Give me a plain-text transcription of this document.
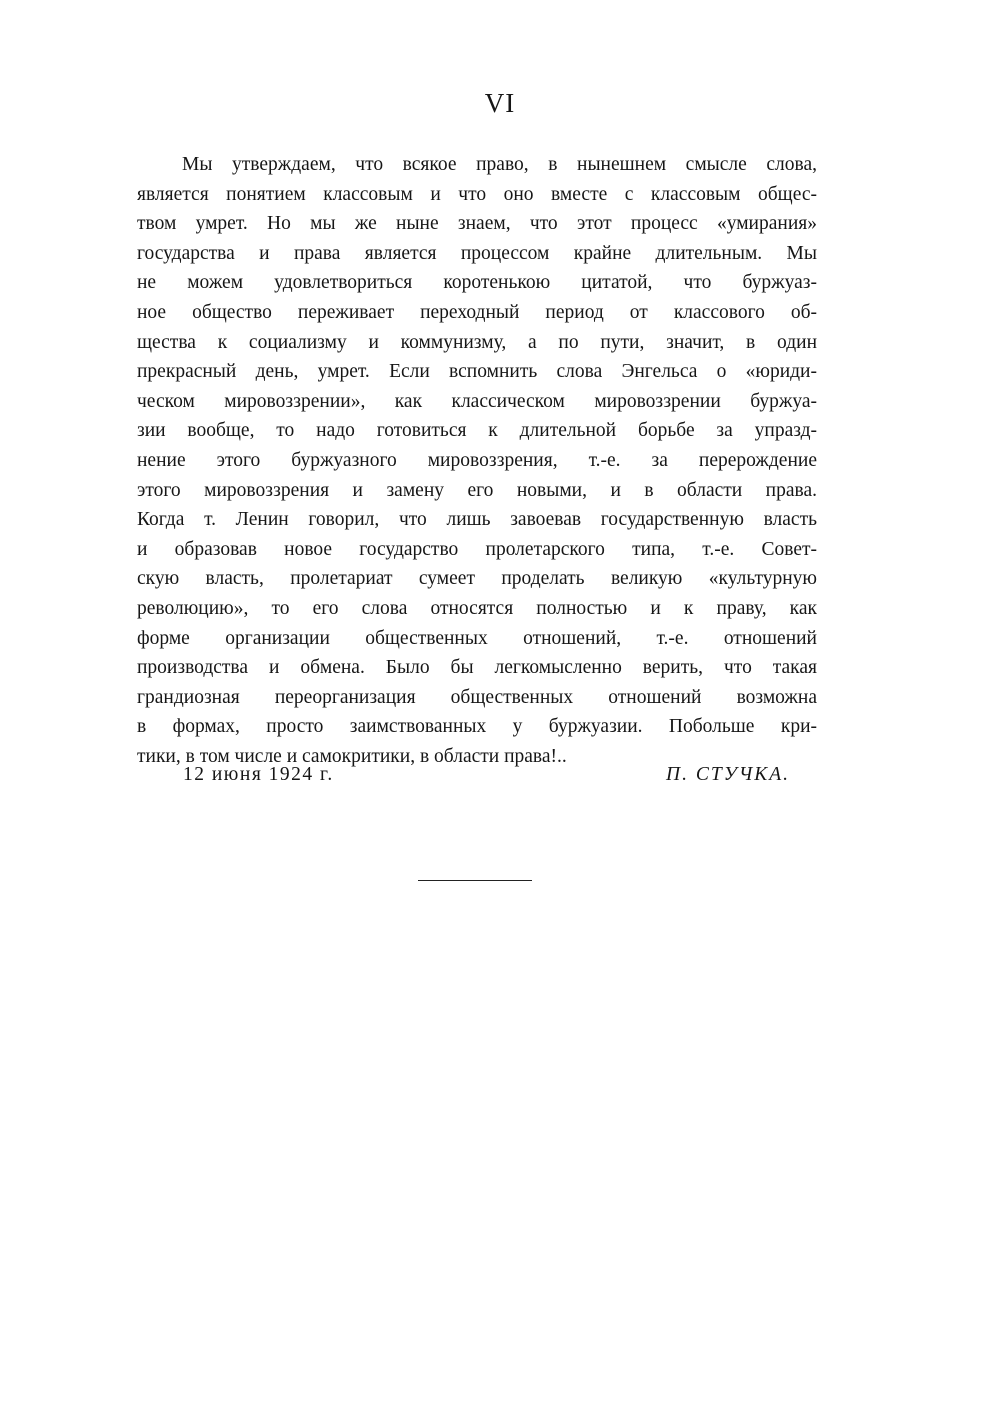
VI
Мы утверждаем, что всякое право, в нынешнем смысле слова,
является понятием классовым и что оно вместе с классовым общес-
твом умрет. Но мы же ныне знаем, что этот процесс «умирания»
государства и права является процессом крайне длительным. Мы
не можем удовлетвориться коротенькою цитатой, что буржуаз-
ное общество переживает переходный период от классового об-
щества к социализму и коммунизму, а по пути, значит, в один
прекрасный день, умрет. Если вспомнить слова Энгельса о «юриди-
ческом мировоззрении», как классическом мировоззрении буржуа-
зии вообще, то надо готовиться к длительной борьбе за упразд-
нение этого буржуазного мировоззрения, т.-е. за перерождение
этого мировоззрения и замену его новыми, и в области права.
Когда т. Ленин говорил, что лишь завоевав государственную власть
и образовав новое государство пролетарского типа, т.-е. Совет-
скую власть, пролетариат сумеет проделать великую «культурную
революцию», то его слова относятся полностью и к праву, как
форме организации общественных отношений, т.-е. отношений
производства и обмена. Было бы легкомысленно верить, что такая
грандиозная переорганизация общественных отношений возможна
в формах, просто заимствованных у буржуазии. Побольше кри-
тики, в том числе и самокритики, в области права!..
12 июня 1924 г.	П. СТУЧКА.
